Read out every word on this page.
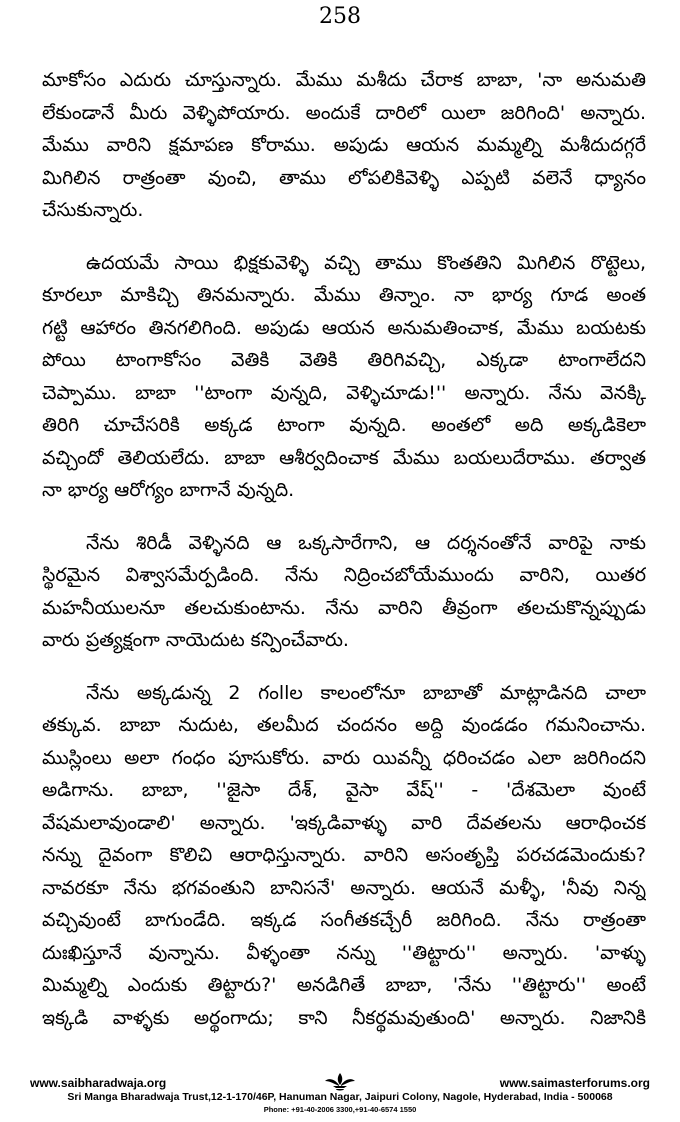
258

మాకోసం ఎదురు చూస్తున్నారు. మేము మశీదు చేరాక బాబా, 'నా అనుమతి
లేకుండానే మీరు వెళ్ళిపోయారు. అందుకే దారిలో యిలా జరిగింది' అన్నారు.
మేము వారిని క్షమాపణ కోరాము. అపుడు ఆయన మమ్మల్ని మశీదుదగ్గరే
మిగిలిన రాత్రంతా వుంచి, తాము లోపలికివెళ్ళి ఎప్పటి వలెనే ధ్యానం
చేసుకున్నారు.

ఉదయమే సాయి భిక్షకువెళ్ళి వచ్చి తాము కొంతతిని మిగిలిన రొట్టెలు,
కూరలూ మాకిచ్చి తినమన్నారు. మేము తిన్నాం. నా భార్య గూడ అంత
గట్టి ఆహారం తినగలిగింది. అపుడు ఆయన అనుమతించాక, మేము బయటకు
పోయి టాంగాకోసం వెతికి వెతికి తిరిగివచ్చి, ఎక్కడా టాంగాలేదని
చెప్పాము. బాబా ''టాంగా వున్నది, వెళ్ళిచూడు!'' అన్నారు. నేను వెనక్కి
తిరిగి చూచేసరికి అక్కడ టాంగా వున్నది. అంతలో అది అక్కడికెలా
వచ్చిందో తెలియలేదు. బాబా ఆశీర్వదించాక మేము బయలుదేరాము. తర్వాత
నా భార్య ఆరోగ్యం బాగానే వున్నది.

నేను శిరిడీ వెళ్ళినది ఆ ఒక్కసారేగాని, ఆ దర్శనంతోనే వారిపై నాకు
స్థిరమైన విశ్వాసమేర్పడింది. నేను నిద్రించబోయేముందు వారిని, యితర
మహనీయులనూ తలచుకుంటాను. నేను వారిని తీవ్రంగా తలచుకొన్నప్పుడు
వారు ప్రత్యక్షంగా నాయెదుట కన్పించేవారు.

నేను అక్కడున్న 2 గంllల కాలంలోనూ బాబాతో మాట్లాడినది చాలా
తక్కువ. బాబా నుదుట, తలమీద చందనం అద్ది వుండడం గమనించాను.
ముస్లింలు అలా గంధం పూసుకోరు. వారు యివన్నీ ధరించడం ఎలా జరిగిందని
అడిగాను. బాబా, ''జైసా దేశ్, వైసా వేష్'' - 'దేశమెలా వుంటే
వేషమలావుండాలి' అన్నారు. 'ఇక్కడివాళ్ళు వారి దేవతలను ఆరాధించక
నన్ను దైవంగా కొలిచి ఆరాధిస్తున్నారు. వారిని అసంతృప్తి పరచడమెందుకు?
నావరకూ నేను భగవంతుని బానిసనే' అన్నారు. ఆయనే మళ్ళీ, 'నీవు నిన్న
వచ్చివుంటే బాగుండేది. ఇక్కడ సంగీతకచ్చేరీ జరిగింది. నేను రాత్రంతా
దుఃఖిస్తూనే వున్నాను. వీళ్ళంతా నన్ను ''తిట్టారు'' అన్నారు. 'వాళ్ళు
మిమ్మల్ని ఎందుకు తిట్టారు?' అనడిగితే బాబా, 'నేను ''తిట్టారు'' అంటే
ఇక్కడి వాళ్ళకు అర్థంగాదు; కాని నీకర్థమవుతుంది' అన్నారు. నిజానికి

www.saibharadwaja.org	www.saimasterforums.org
Sri Manga Bharadwaja Trust,12-1-170/46P, Hanuman Nagar, Jaipuri Colony, Nagole, Hyderabad, India - 500068
Phone: +91-40-2006 3300,+91-40-6574 1550
